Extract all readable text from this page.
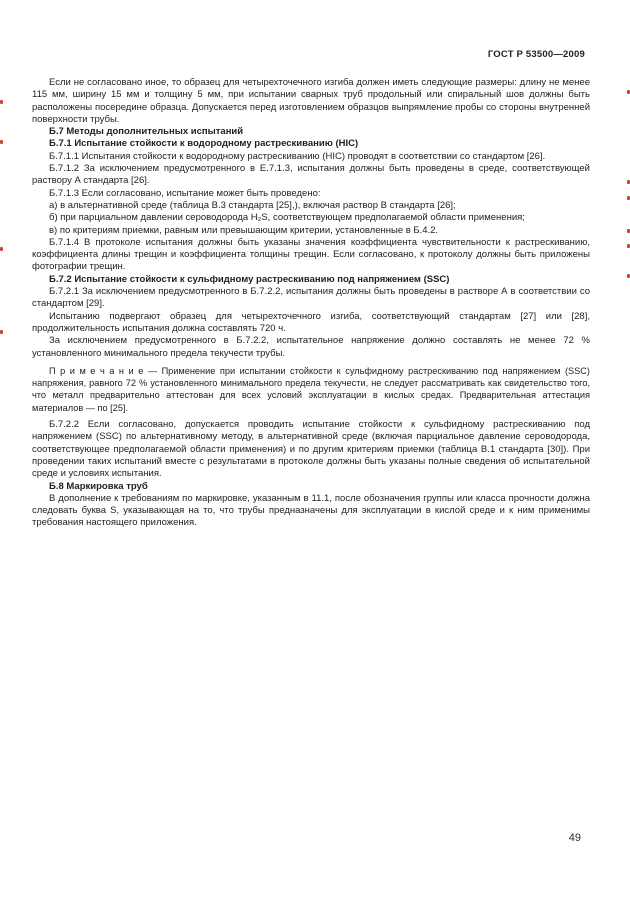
ГОСТ Р 53500—2009

Если не согласовано иное, то образец для четырехточечного изгиба должен иметь следующие размеры: длину не менее 115 мм, ширину 15 мм и толщину 5 мм, при испытании сварных труб продольный или спиральный шов должны быть расположены посередине образца. Допускается перед изготовлением образцов выпрямление пробы со стороны внутренней поверхности трубы.

Б.7 Методы дополнительных испытаний

Б.7.1 Испытание стойкости к водородному растрескиванию (HIC)

Б.7.1.1 Испытания стойкости к водородному растрескиванию (HIC) проводят в соответствии со стандартом [26].

Б.7.1.2 За исключением предусмотренного в Е.7.1.3, испытания должны быть проведены в среде, соответствующей раствору А стандарта [26].

Б.7.1.3 Если согласовано, испытание может быть проведено:

а) в альтернативной среде (таблица В.3 стандарта [25],), включая раствор В стандарта [26];

б) при парциальном давлении сероводорода H₂S, соответствующем предполагаемой области применения;

в) по критериям приемки, равным или превышающим критерии, установленные в Б.4.2.

Б.7.1.4 В протоколе испытания должны быть указаны значения коэффициента чувствительности к растрескиванию, коэффициента длины трещин и коэффициента толщины трещин. Если согласовано, к протоколу должны быть приложены фотографии трещин.

Б.7.2 Испытание стойкости к сульфидному растрескиванию под напряжением (SSC)

Б.7.2.1 За исключением предусмотренного в Б.7.2.2, испытания должны быть проведены в растворе А в соответствии со стандартом [29].

Испытанию подвергают образец для четырехточечного изгиба, соответствующий стандартам [27] или [28], продолжительность испытания должна составлять 720 ч.

За исключением предусмотренного в Б.7.2.2, испытательное напряжение должно составлять не менее 72 % установленного минимального предела текучести трубы.

П р и м е ч а н и е — Применение при испытании стойкости к сульфидному растрескиванию под напряжением (SSC) напряжения, равного 72 % установленного минимального предела текучести, не следует рассматривать как свидетельство того, что металл предварительно аттестован для всех условий эксплуатации в кислых средах. Предварительная аттестация материалов — по [25].

Б.7.2.2 Если согласовано, допускается проводить испытание стойкости к сульфидному растрескиванию под напряжением (SSC) по альтернативному методу, в альтернативной среде (включая парциальное давление сероводорода, соответствующее предполагаемой области применения) и по другим критериям приемки (таблица В.1 стандарта [30]). При проведении таких испытаний вместе с результатами в протоколе должны быть указаны полные сведения об испытательной среде и условиях испытания.

Б.8 Маркировка труб

В дополнение к требованиям по маркировке, указанным в 11.1, после обозначения группы или класса прочности должна следовать буква S, указывающая на то, что трубы предназначены для эксплуатации в кислой среде и к ним применимы требования настоящего приложения.

49
